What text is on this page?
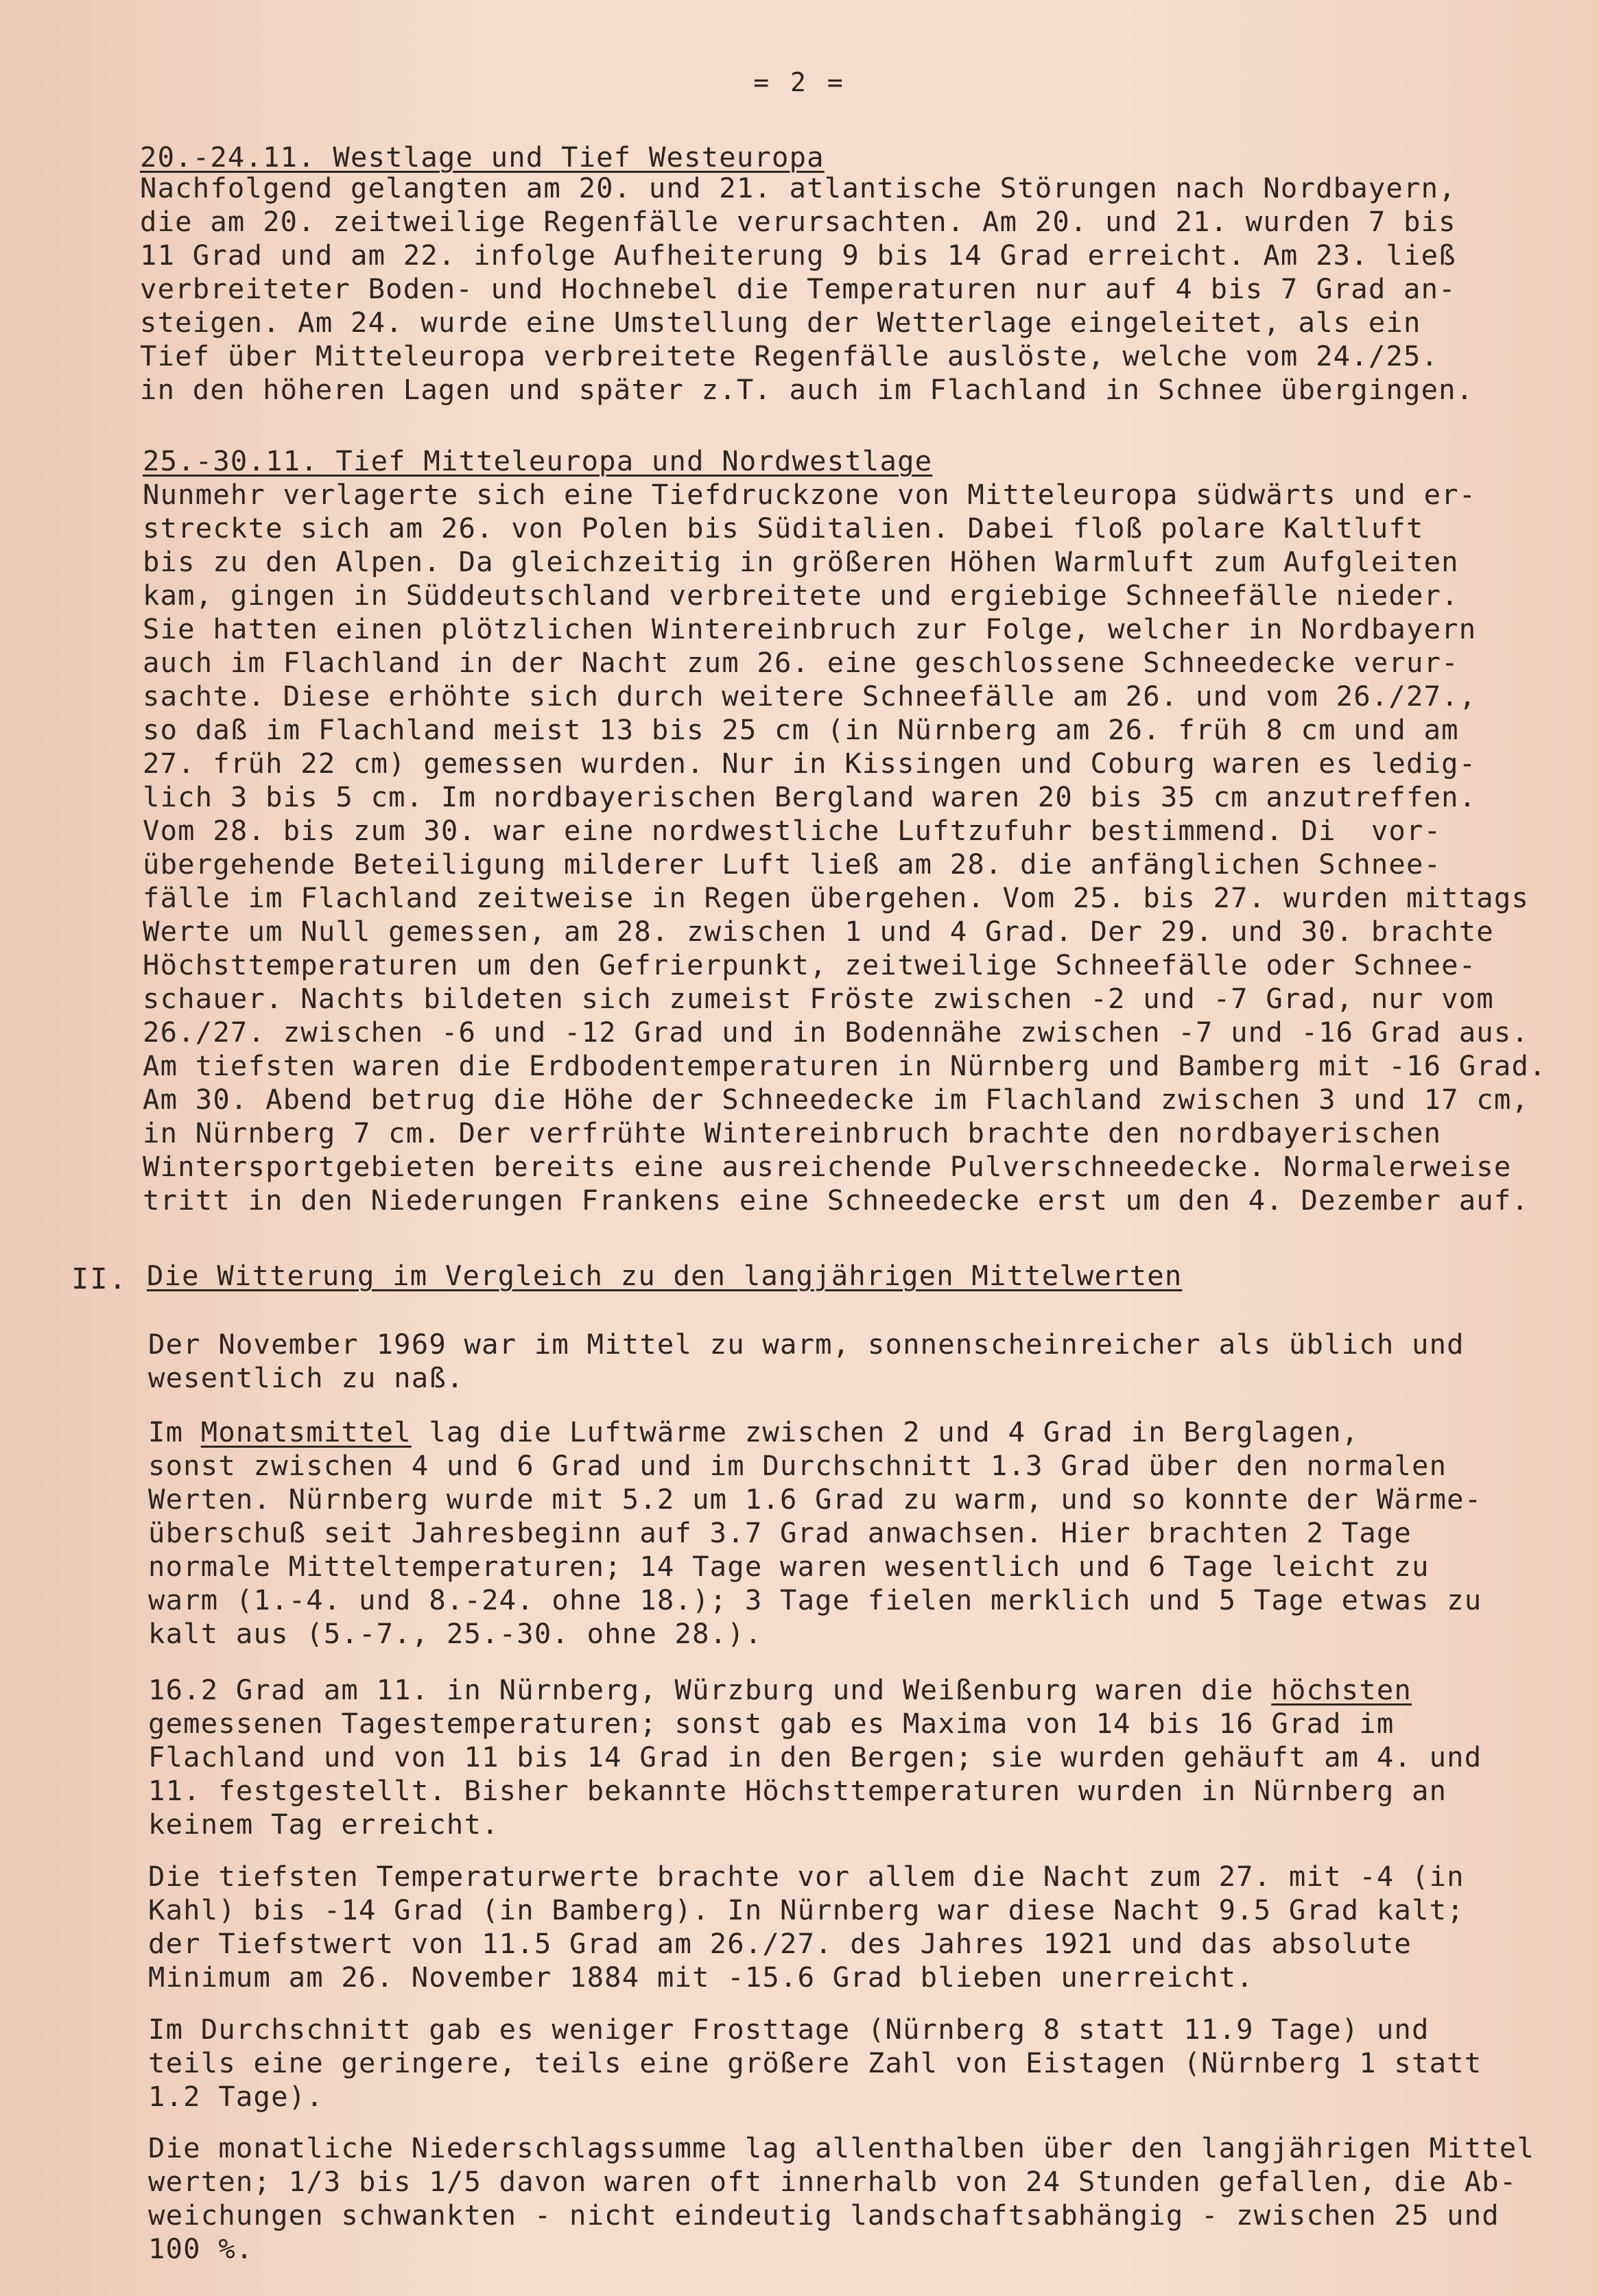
= 2 =
20.-24.11. Westlage und Tief Westeuropa
Nachfolgend gelangten am 20. und 21. atlantische Störungen nach Nordbayern,
die am 20. zeitweilige Regenfälle verursachten. Am 20. und 21. wurden 7 bis
11 Grad und am 22. infolge Aufheiterung 9 bis 14 Grad erreicht. Am 23. ließ
verbreiteter Boden- und Hochnebel die Temperaturen nur auf 4 bis 7 Grad an-
steigen. Am 24. wurde eine Umstellung der Wetterlage eingeleitet, als ein
Tief über Mitteleuropa verbreitete Regenfälle auslöste, welche vom 24./25.
in den höheren Lagen und später z.T. auch im Flachland in Schnee übergingen.
25.-30.11. Tief Mitteleuropa und Nordwestlage
Nunmehr verlagerte sich eine Tiefdruckzone von Mitteleuropa südwärts und er-
streckte sich am 26. von Polen bis Süditalien. Dabei floß polare Kaltluft
bis zu den Alpen. Da gleichzeitig in größeren Höhen Warmluft zum Aufgleiten
kam, gingen in Süddeutschland verbreitete und ergiebige Schneefälle nieder.
Sie hatten einen plötzlichen Wintereinbruch zur Folge, welcher in Nordbayern
auch im Flachland in der Nacht zum 26. eine geschlossene Schneedecke verur-
sachte. Diese erhöhte sich durch weitere Schneefälle am 26. und vom 26./27.,
so daß im Flachland meist 13 bis 25 cm (in Nürnberg am 26. früh 8 cm und am
27. früh 22 cm) gemessen wurden. Nur in Kissingen und Coburg waren es ledig-
lich 3 bis 5 cm. Im nordbayerischen Bergland waren 20 bis 35 cm anzutreffen.
Vom 28. bis zum 30. war eine nordwestliche Luftzufuhr bestimmend. Di  vor-
übergehende Beteiligung milderer Luft ließ am 28. die anfänglichen Schnee-
fälle im Flachland zeitweise in Regen übergehen. Vom 25. bis 27. wurden mittags
Werte um Null gemessen, am 28. zwischen 1 und 4 Grad. Der 29. und 30. brachte
Höchsttemperaturen um den Gefrierpunkt, zeitweilige Schneefälle oder Schnee-
schauer. Nachts bildeten sich zumeist Fröste zwischen -2 und -7 Grad, nur vom
26./27. zwischen -6 und -12 Grad und in Bodennähe zwischen -7 und -16 Grad aus.
Am tiefsten waren die Erdbodentemperaturen in Nürnberg und Bamberg mit -16 Grad.
Am 30. Abend betrug die Höhe der Schneedecke im Flachland zwischen 3 und 17 cm,
in Nürnberg 7 cm. Der verfrühte Wintereinbruch brachte den nordbayerischen
Wintersportgebieten bereits eine ausreichende Pulverschneedecke. Normalerweise
tritt in den Niederungen Frankens eine Schneedecke erst um den 4. Dezember auf.
II. Die Witterung im Vergleich zu den langjährigen Mittelwerten
Der November 1969 war im Mittel zu warm, sonnenscheinreicher als üblich und
wesentlich zu naß.
Im Monatsmittel lag die Luftwärme zwischen 2 und 4 Grad in Berglagen,
sonst zwischen 4 und 6 Grad und im Durchschnitt 1.3 Grad über den normalen
Werten. Nürnberg wurde mit 5.2 um 1.6 Grad zu warm, und so konnte der Wärme-
überschuß seit Jahresbeginn auf 3.7 Grad anwachsen. Hier brachten 2 Tage
normale Mitteltemperaturen; 14 Tage waren wesentlich und 6 Tage leicht zu
warm (1.-4. und 8.-24. ohne 18.); 3 Tage fielen merklich und 5 Tage etwas zu
kalt aus (5.-7., 25.-30. ohne 28.).
16.2 Grad am 11. in Nürnberg, Würzburg und Weißenburg waren die höchsten
gemessenen Tagestemperaturen; sonst gab es Maxima von 14 bis 16 Grad im
Flachland und von 11 bis 14 Grad in den Bergen; sie wurden gehäuft am 4. und
11. festgestellt. Bisher bekannte Höchsttemperaturen wurden in Nürnberg an
keinem Tag erreicht.
Die tiefsten Temperaturwerte brachte vor allem die Nacht zum 27. mit -4 (in
Kahl) bis -14 Grad (in Bamberg). In Nürnberg war diese Nacht 9.5 Grad kalt;
der Tiefstwert von 11.5 Grad am 26./27. des Jahres 1921 und das absolute
Minimum am 26. November 1884 mit -15.6 Grad blieben unerreicht.
Im Durchschnitt gab es weniger Frosttage (Nürnberg 8 statt 11.9 Tage) und
teils eine geringere, teils eine größere Zahl von Eistagen (Nürnberg 1 statt
1.2 Tage).
Die monatliche Niederschlagssumme lag allenthalben über den langjährigen Mittel
werten; 1/3 bis 1/5 davon waren oft innerhalb von 24 Stunden gefallen, die Ab-
weichungen schwankten - nicht eindeutig landschaftsabhängig - zwischen 25 und
100 %.
